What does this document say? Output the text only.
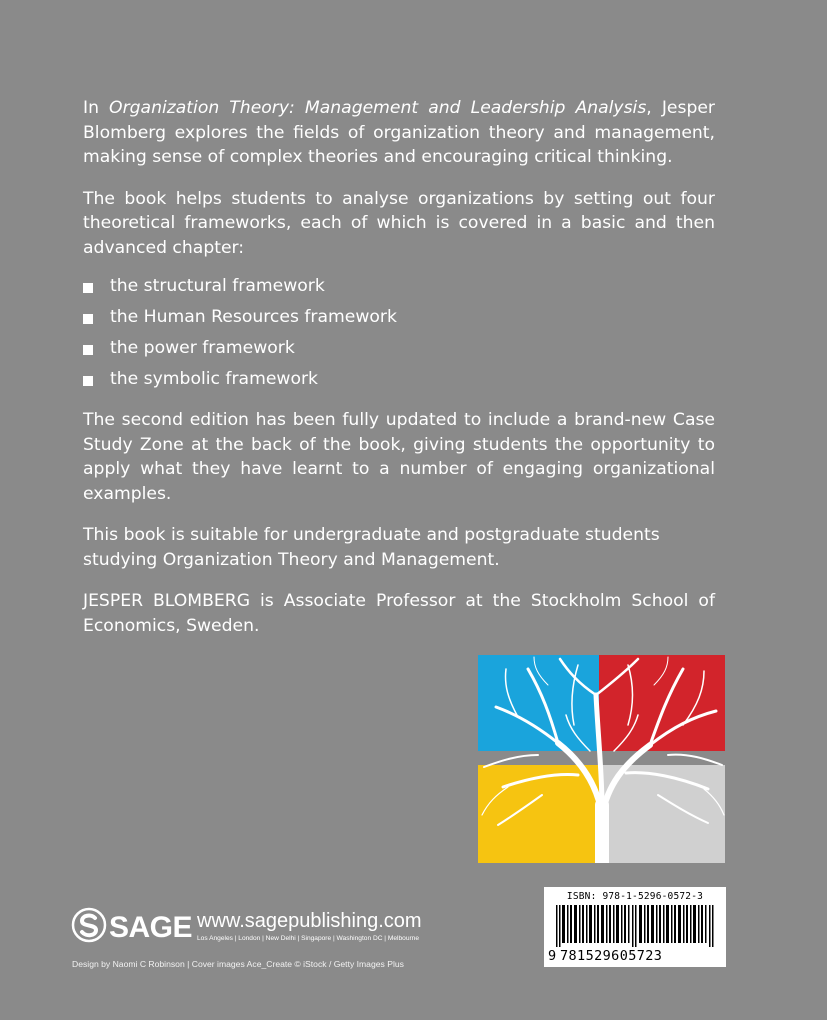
In Organization Theory: Management and Leadership Analysis, Jesper Blomberg explores the fields of organization theory and management, making sense of complex theories and encouraging critical thinking.

The book helps students to analyse organizations by setting out four theoretical frameworks, each of which is covered in a basic and then advanced chapter:

the structural framework
the Human Resources framework
the power framework
the symbolic framework

The second edition has been fully updated to include a brand-new Case Study Zone at the back of the book, giving students the opportunity to apply what they have learnt to a number of engaging organizational examples.

This book is suitable for undergraduate and postgraduate students studying Organization Theory and Management.

JESPER BLOMBERG is Associate Professor at the Stockholm School of Economics, Sweden.

ISBN: 978-1-5296-0572-3
9 781529605723
SAGE www.sagepublishing.com
Los Angeles | London | New Delhi | Singapore | Washington DC | Melbourne
Design by Naomi C Robinson | Cover images Ace_Create © iStock / Getty Images Plus
